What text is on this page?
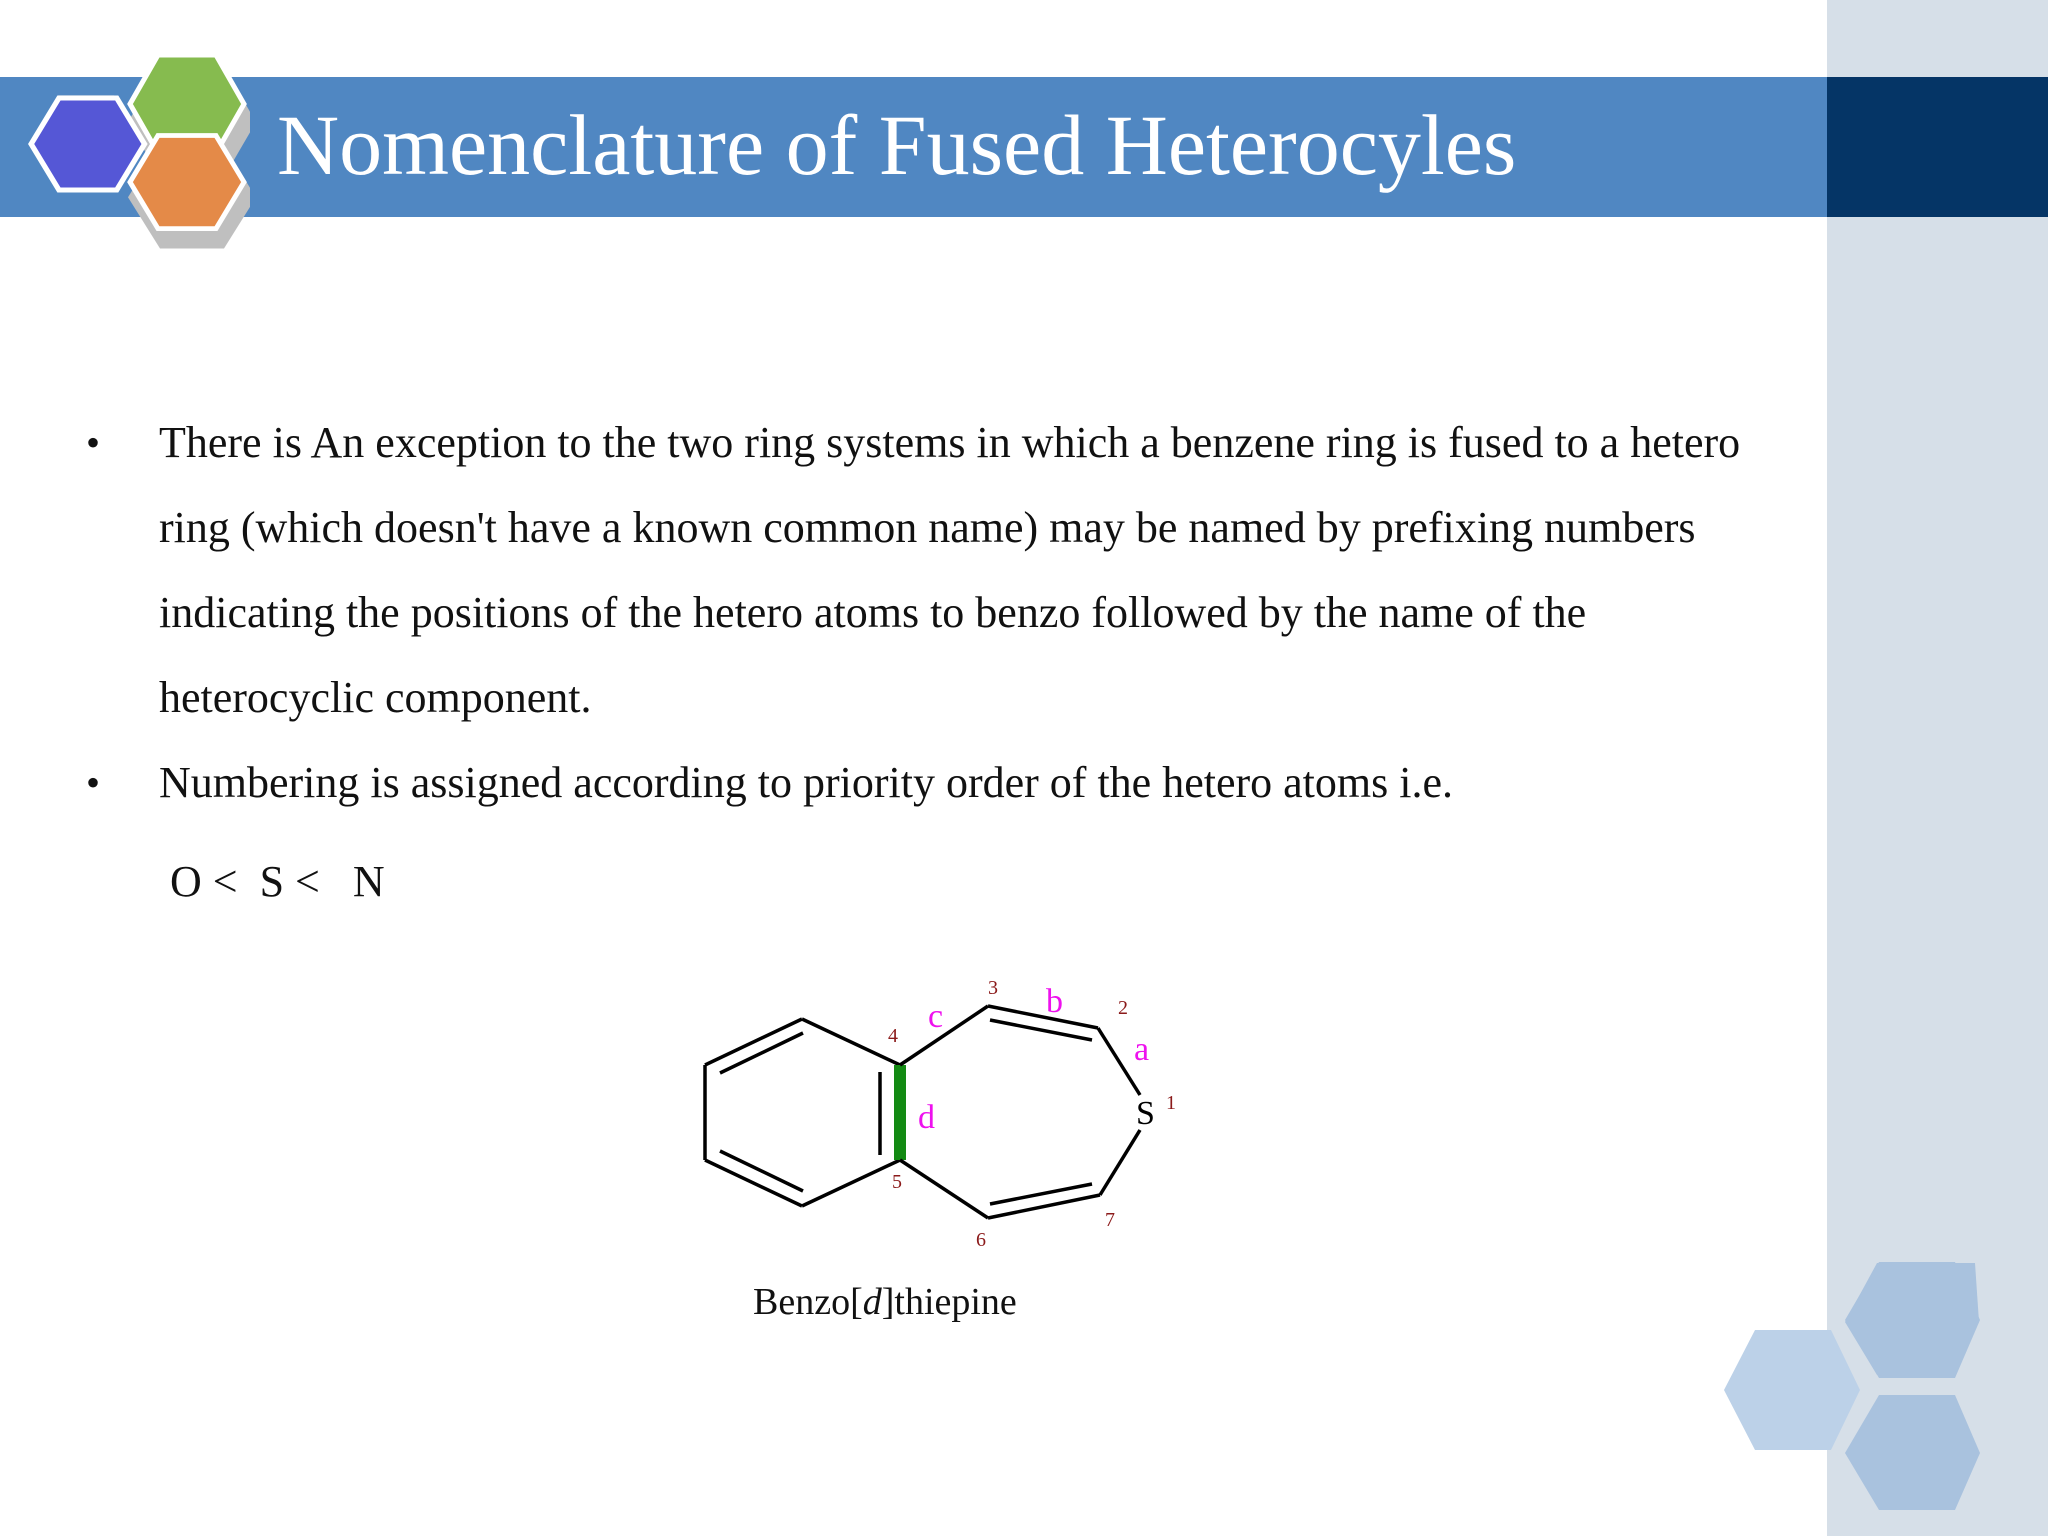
Nomenclature of Fused Heterocyles
• There is An exception to the two ring systems in which a benzene ring is fused to a hetero ring (which doesn't have a known common name) may be named by prefixing numbers indicating the positions of the hetero atoms to benzo followed by the name of the heterocyclic component.
• Numbering is assigned according to priority order of the hetero atoms i.e.
O <  S <   N
S 1
2
3
4
5
6
7
a
b
c
d
Benzo[d]thiepine
